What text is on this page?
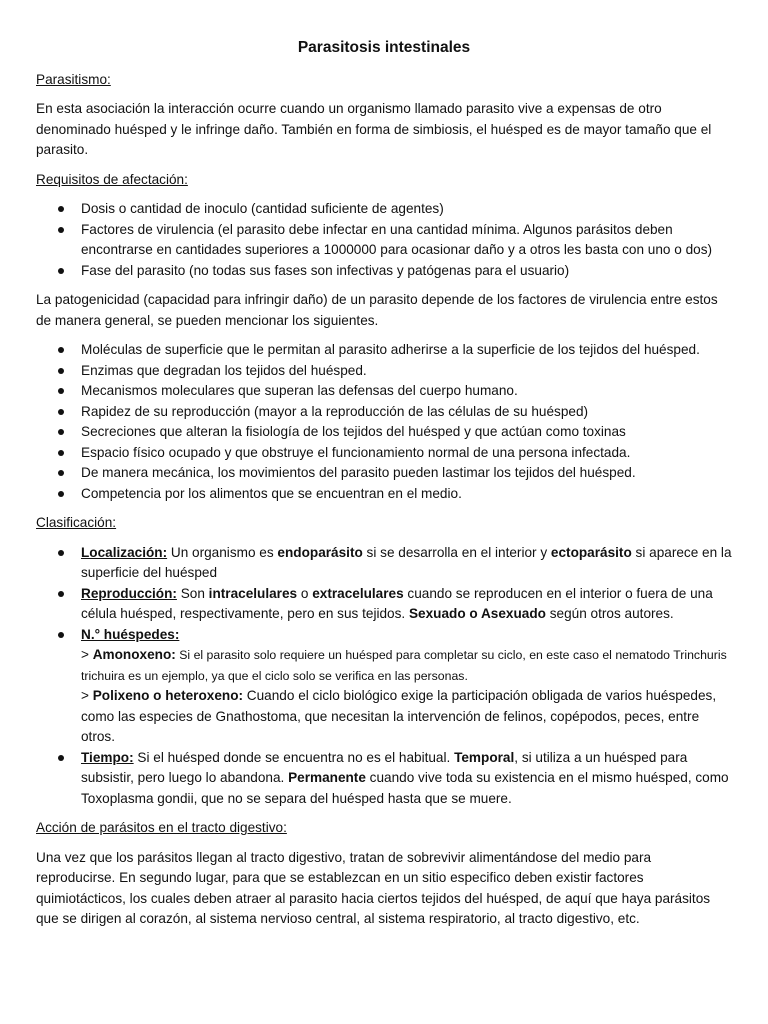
Parasitosis intestinales
Parasitismo:
En esta asociación la interacción ocurre cuando un organismo llamado parasito vive a expensas de otro denominado huésped y le infringe daño. También en forma de simbiosis, el huésped es de mayor tamaño que el parasito.
Requisitos de afectación:
Dosis o cantidad de inoculo (cantidad suficiente de agentes)
Factores de virulencia (el parasito debe infectar en una cantidad mínima. Algunos parásitos deben encontrarse en cantidades superiores a 1000000 para ocasionar daño y a otros les basta con uno o dos)
Fase del parasito (no todas sus fases son infectivas y patógenas para el usuario)
La patogenicidad (capacidad para infringir daño) de un parasito depende de los factores de virulencia entre estos de manera general, se pueden mencionar los siguientes.
Moléculas de superficie que le permitan al parasito adherirse a la superficie de los tejidos del huésped.
Enzimas que degradan los tejidos del huésped.
Mecanismos moleculares que superan las defensas del cuerpo humano.
Rapidez de su reproducción (mayor a la reproducción de las células de su huésped)
Secreciones que alteran la fisiología de los tejidos del huésped y que actúan como toxinas
Espacio físico ocupado y que obstruye el funcionamiento normal de una persona infectada.
De manera mecánica, los movimientos del parasito pueden lastimar los tejidos del huésped.
Competencia por los alimentos que se encuentran en el medio.
Clasificación:
Localización: Un organismo es endoparásito si se desarrolla en el interior y ectoparásito si aparece en la superficie del huésped
Reproducción: Son intracelulares o extracelulares cuando se reproducen en el interior o fuera de una célula huésped, respectivamente, pero en sus tejidos. Sexuado o Asexuado según otros autores.
N.° huéspedes:
> Amonoxeno: Si el parasito solo requiere un huésped para completar su ciclo, en este caso el nematodo Trinchuris trichuira es un ejemplo, ya que el ciclo solo se verifica en las personas.
> Polixeno o heteroxeno: Cuando el ciclo biológico exige la participación obligada de varios huéspedes, como las especies de Gnathostoma, que necesitan la intervención de felinos, copépodos, peces, entre otros.
Tiempo: Si el huésped donde se encuentra no es el habitual. Temporal, si utiliza a un huésped para subsistir, pero luego lo abandona. Permanente cuando vive toda su existencia en el mismo huésped, como Toxoplasma gondii, que no se separa del huésped hasta que se muere.
Acción de parásitos en el tracto digestivo:
Una vez que los parásitos llegan al tracto digestivo, tratan de sobrevivir alimentándose del medio para reproducirse. En segundo lugar, para que se establezcan en un sitio especifico deben existir factores quimiotácticos, los cuales deben atraer al parasito hacia ciertos tejidos del huésped, de aquí que haya parásitos que se dirigen al corazón, al sistema nervioso central, al sistema respiratorio, al tracto digestivo, etc.
